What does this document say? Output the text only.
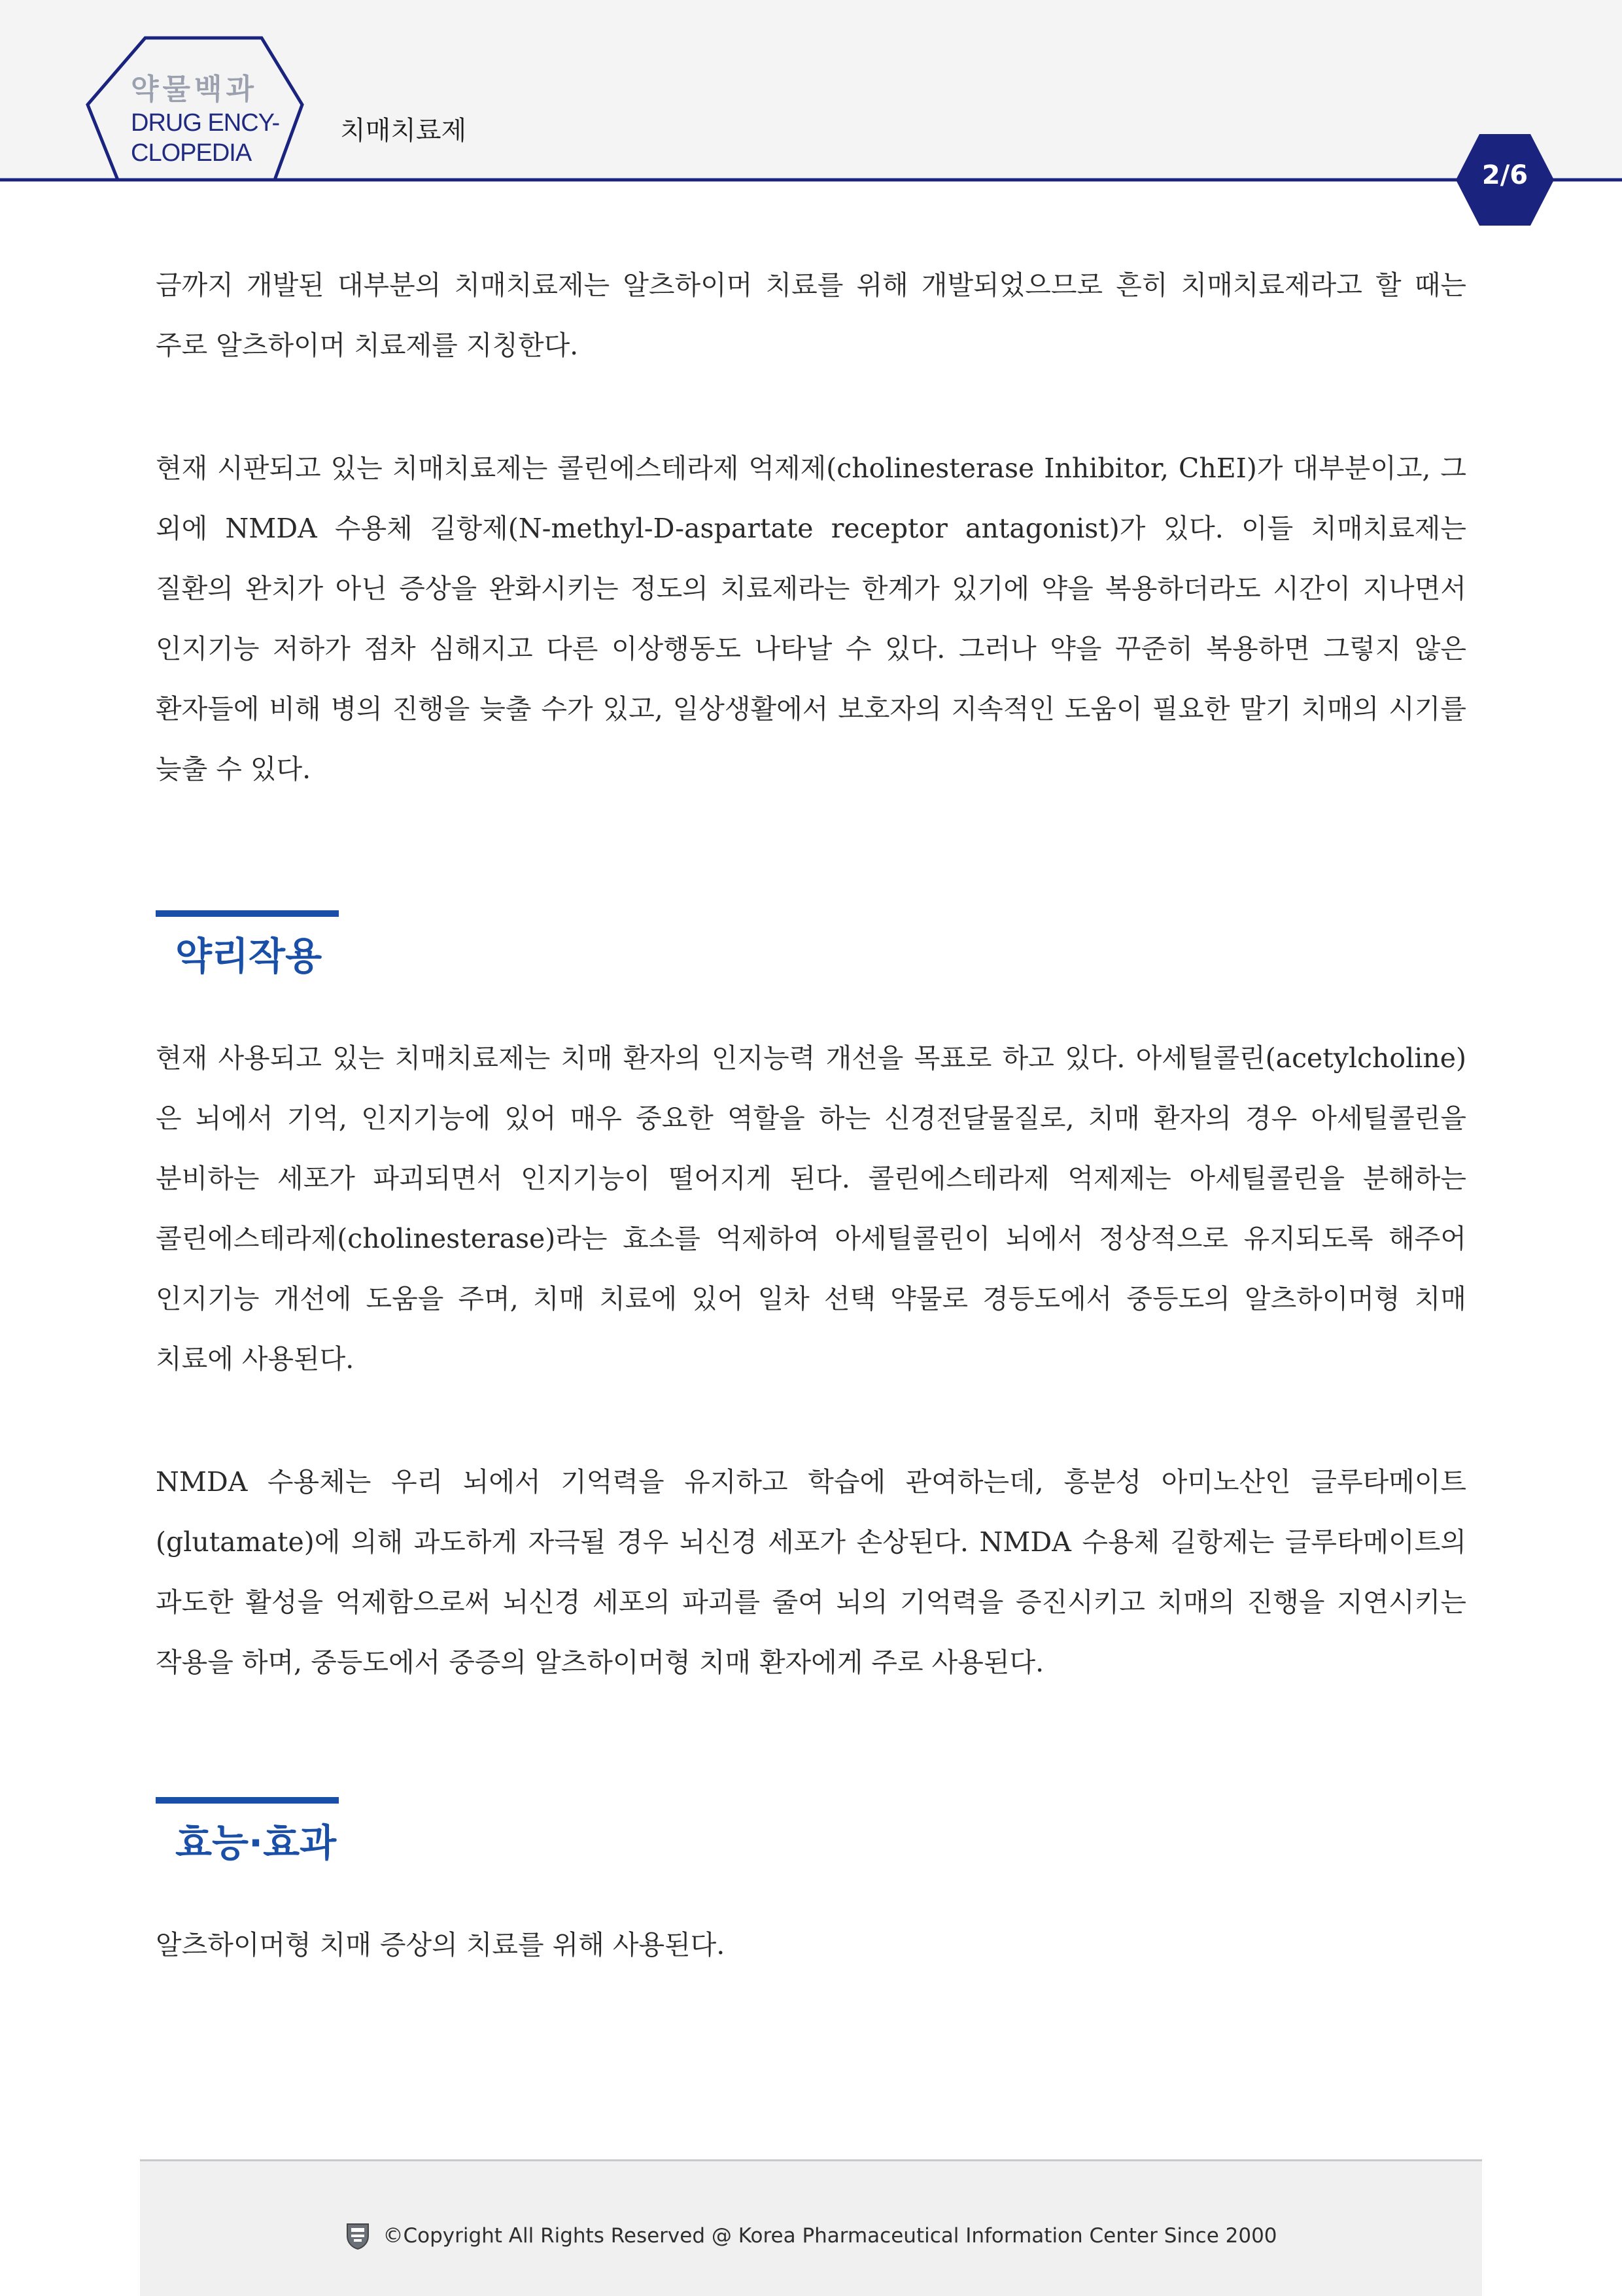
약물백과
DRUG ENCY-
CLOPEDIA
치매치료제
2/6

금까지 개발된 대부분의 치매치료제는 알츠하이머 치료를 위해 개발되었으므로 흔히 치매치료제라고 할 때는 주로 알츠하이머 치료제를 지칭한다.

현재 시판되고 있는 치매치료제는 콜린에스테라제 억제제(cholinesterase Inhibitor, ChEI)가 대부분이고, 그 외에 NMDA 수용체 길항제(N-methyl-D-aspartate receptor antagonist)가 있다. 이들 치매치료제는 질환의 완치가 아닌 증상을 완화시키는 정도의 치료제라는 한계가 있기에 약을 복용하더라도 시간이 지나면서 인지기능 저하가 점차 심해지고 다른 이상행동도 나타날 수 있다. 그러나 약을 꾸준히 복용하면 그렇지 않은 환자들에 비해 병의 진행을 늦출 수가 있고, 일상생활에서 보호자의 지속적인 도움이 필요한 말기 치매의 시기를 늦출 수 있다.

약리작용

현재 사용되고 있는 치매치료제는 치매 환자의 인지능력 개선을 목표로 하고 있다. 아세틸콜린(acetylcholine)은 뇌에서 기억, 인지기능에 있어 매우 중요한 역할을 하는 신경전달물질로, 치매 환자의 경우 아세틸콜린을 분비하는 세포가 파괴되면서 인지기능이 떨어지게 된다. 콜린에스테라제 억제제는 아세틸콜린을 분해하는 콜린에스테라제(cholinesterase)라는 효소를 억제하여 아세틸콜린이 뇌에서 정상적으로 유지되도록 해주어 인지기능 개선에 도움을 주며, 치매 치료에 있어 일차 선택 약물로 경등도에서 중등도의 알츠하이머형 치매 치료에 사용된다.

NMDA 수용체는 우리 뇌에서 기억력을 유지하고 학습에 관여하는데, 흥분성 아미노산인 글루타메이트(glutamate)에 의해 과도하게 자극될 경우 뇌신경 세포가 손상된다. NMDA 수용체 길항제는 글루타메이트의 과도한 활성을 억제함으로써 뇌신경 세포의 파괴를 줄여 뇌의 기억력을 증진시키고 치매의 진행을 지연시키는 작용을 하며, 중등도에서 중증의 알츠하이머형 치매 환자에게 주로 사용된다.

효능·효과

알츠하이머형 치매 증상의 치료를 위해 사용된다.

©Copyright All Rights Reserved @ Korea Pharmaceutical Information Center Since 2000
